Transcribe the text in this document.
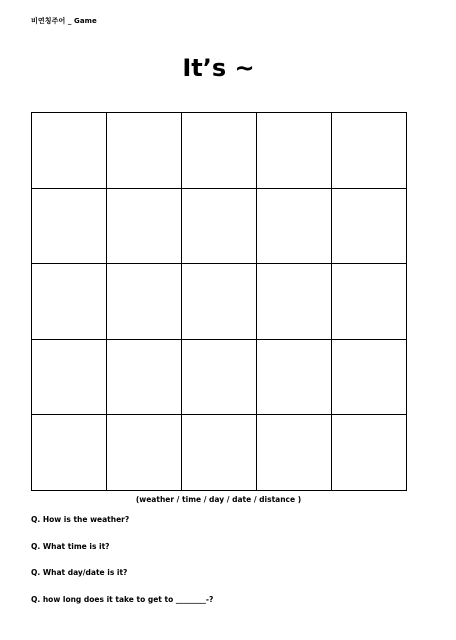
비연칭주어 _ Game
It’s ~

(weather / time / day / date / distance )
Q. How is the weather?
Q. What time is it?
Q. What day/date is it?
Q. how long does it take to get to ________-?
